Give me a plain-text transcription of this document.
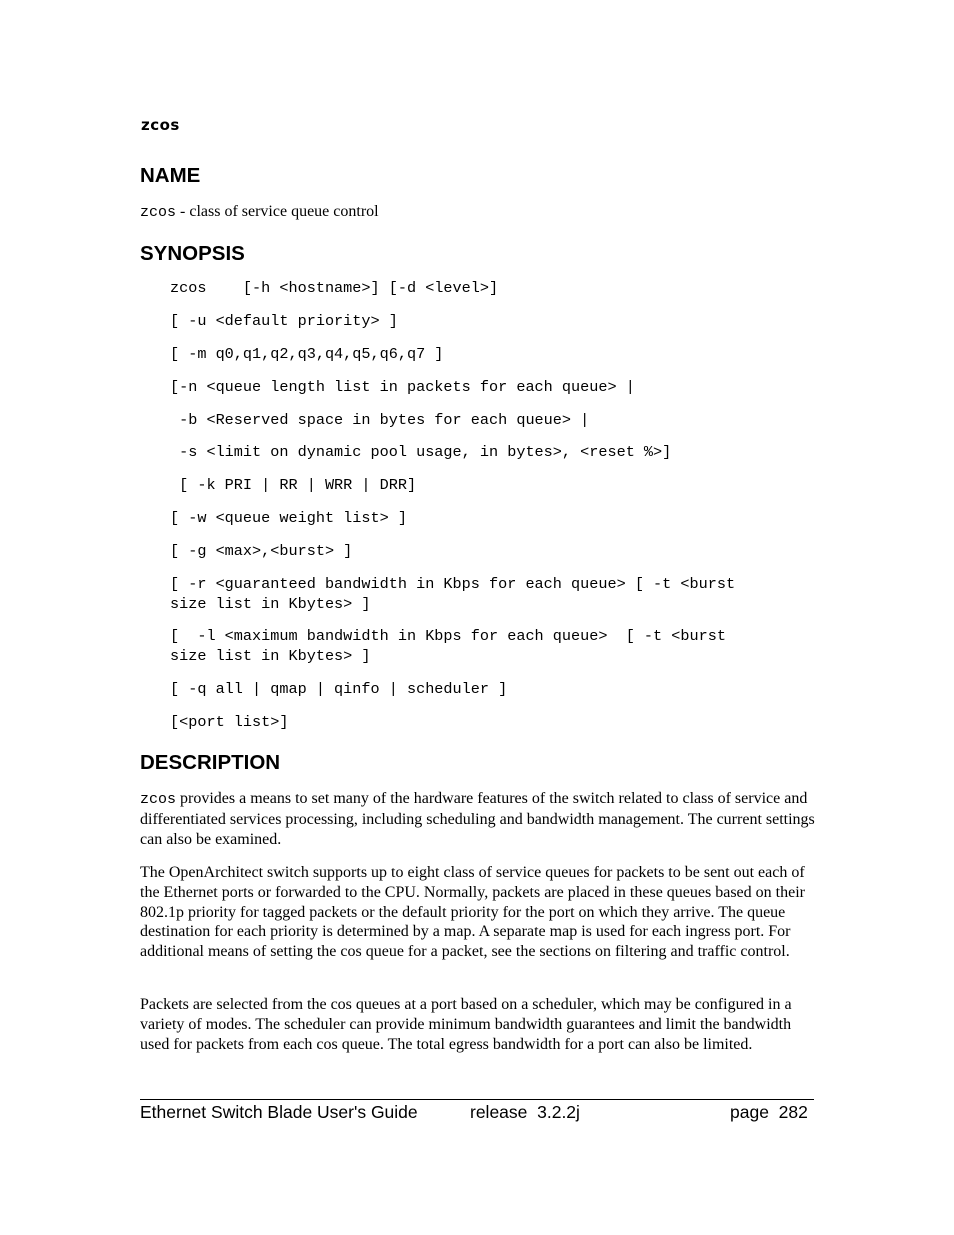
zcos
NAME
zcos - class of service queue control
SYNOPSIS
zcos    [-h <hostname>] [-d <level>]
[ -u <default priority> ]
[ -m q0,q1,q2,q3,q4,q5,q6,q7 ]
[-n <queue length list in packets for each queue> |
-b <Reserved space in bytes for each queue> |
-s <limit on dynamic pool usage, in bytes>, <reset %>]
[ -k PRI | RR | WRR | DRR]
[ -w <queue weight list> ]
[ -g <max>,<burst> ]
[ -r <guaranteed bandwidth in Kbps for each queue> [ -t <burst
size list in Kbytes> ]
[  -l <maximum bandwidth in Kbps for each queue>  [ -t <burst
size list in Kbytes> ]
[ -q all | qmap | qinfo | scheduler ]
[<port list>]
DESCRIPTION
zcos provides a means to set many of the hardware features of the switch related to class of service and differentiated services processing, including scheduling and bandwidth management. The current settings can also be examined.
The OpenArchitect switch supports up to eight class of service queues for packets to be sent out each of the Ethernet ports or forwarded to the CPU. Normally, packets are placed in these queues based on their 802.1p priority for tagged packets or the default priority for the port on which they arrive. The queue destination for each priority is determined by a map. A separate map is used for each ingress port. For additional means of setting the cos queue for a packet, see the sections on filtering and traffic control.
Packets are selected from the cos queues at a port based on a scheduler, which may be configured in a variety of modes. The scheduler can provide minimum bandwidth guarantees and limit the bandwidth used for packets from each cos queue. The total egress bandwidth for a port can also be limited.
Ethernet Switch Blade User's Guide	release  3.2.2j	page  282
